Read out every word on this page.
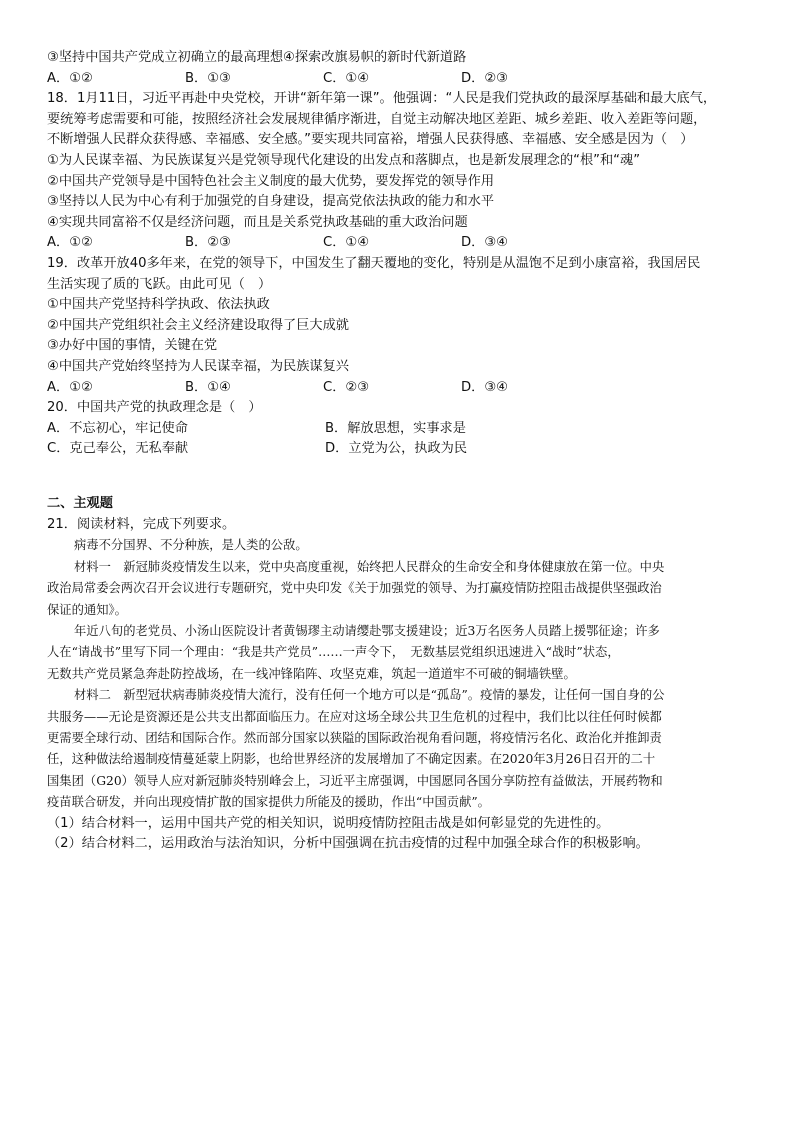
③坚持中国共产党成立初确立的最高理想④探索改旗易帜的新时代新道路
A．①②	B．①③	C．①④	D．②③
18．1月11日，习近平再赴中央党校，开讲“新年第一课”。他强调：“人民是我们党执政的最深厚基础和最大底气，
要统筹考虑需要和可能，按照经济社会发展规律循序渐进，自觉主动解决地区差距、城乡差距、收入差距等问题，
不断增强人民群众获得感、幸福感、安全感。”要实现共同富裕，增强人民获得感、幸福感、安全感是因为（　）
①为人民谋幸福、为民族谋复兴是党领导现代化建设的出发点和落脚点，也是新发展理念的“根”和“魂”
②中国共产党领导是中国特色社会主义制度的最大优势，要发挥党的领导作用
③坚持以人民为中心有利于加强党的自身建设，提高党依法执政的能力和水平
④实现共同富裕不仅是经济问题，而且是关系党执政基础的重大政治问题
A．①②	B．②③	C．①④	D．③④
19．改革开放40多年来，在党的领导下，中国发生了翻天覆地的变化，特别是从温饱不足到小康富裕，我国居民
生活实现了质的飞跃。由此可见（　）
①中国共产党坚持科学执政、依法执政
②中国共产党组织社会主义经济建设取得了巨大成就
③办好中国的事情，关键在党
④中国共产党始终坚持为人民谋幸福，为民族谋复兴
A．①②	B．①④	C．②③	D．③④
20．中国共产党的执政理念是（　）
A．不忘初心，牢记使命	B．解放思想，实事求是
C．克己奉公，无私奉献	D．立党为公，执政为民
二、主观题
21．阅读材料，完成下列要求。
病毒不分国界、不分种族，是人类的公敌。
材料一　新冠肺炎疫情发生以来，党中央高度重视，始终把人民群众的生命安全和身体健康放在第一位。中央
政治局常委会两次召开会议进行专题研究，党中央印发《关于加强党的领导、为打赢疫情防控阻击战提供坚强政治
保证的通知》。
年近八旬的老党员、小汤山医院设计者黄锡璆主动请缨赴鄂支援建设；近3万名医务人员踏上援鄂征途；许多
人在“请战书”里写下同一个理由：“我是共产党员”……一声令下，　无数基层党组织迅速进入“战时”状态，
无数共产党员紧急奔赴防控战场，在一线冲锋陷阵、攻坚克难，筑起一道道牢不可破的铜墙铁壁。
材料二　新型冠状病毒肺炎疫情大流行，没有任何一个地方可以是“孤岛”。疫情的暴发，让任何一国自身的公
共服务——无论是资源还是公共支出都面临压力。在应对这场全球公共卫生危机的过程中，我们比以往任何时候都
更需要全球行动、团结和国际合作。然而部分国家以狭隘的国际政治视角看问题，将疫情污名化、政治化并推卸责
任，这种做法给遏制疫情蔓延蒙上阴影，也给世界经济的发展增加了不确定因素。在2020年3月26日召开的二十
国集团（G20）领导人应对新冠肺炎特别峰会上，习近平主席强调，中国愿同各国分享防控有益做法，开展药物和
疫苗联合研发，并向出现疫情扩散的国家提供力所能及的援助，作出“中国贡献”。
（1）结合材料一，运用中国共产党的相关知识，说明疫情防控阻击战是如何彰显党的先进性的。
（2）结合材料二，运用政治与法治知识，分析中国强调在抗击疫情的过程中加强全球合作的积极影响。
